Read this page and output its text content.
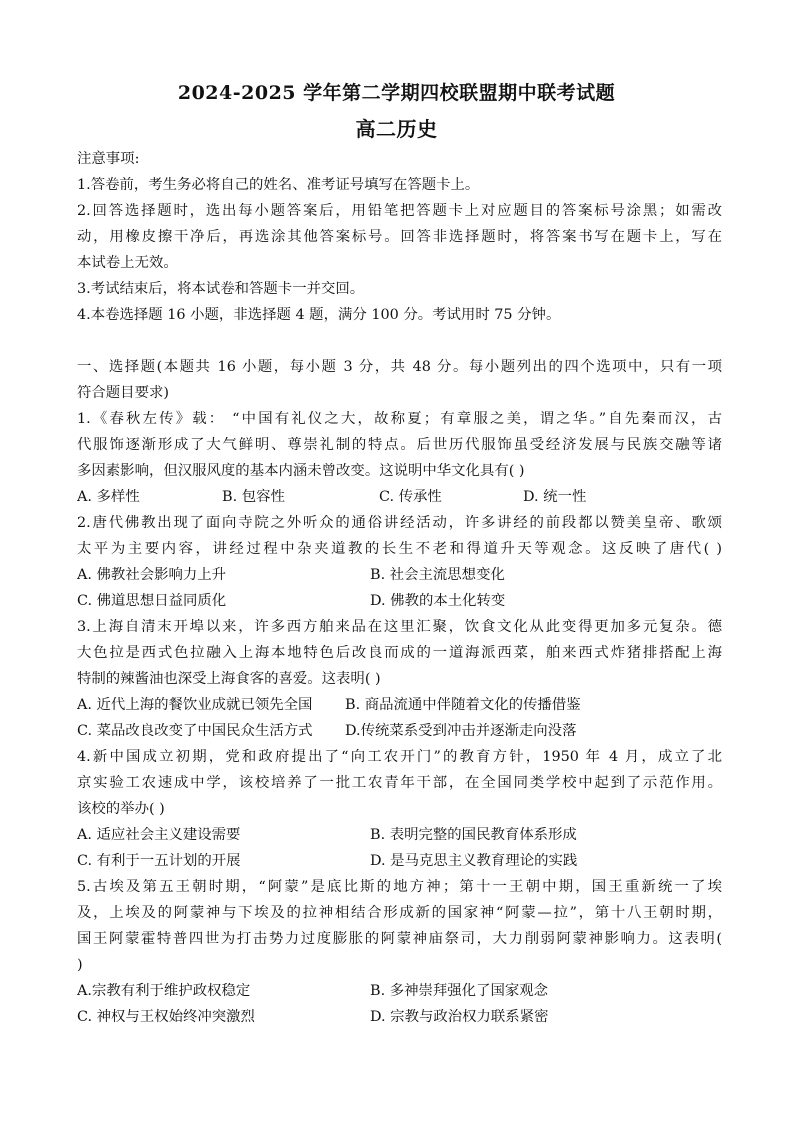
2024-2025 学年第二学期四校联盟期中联考试题
高二历史
注意事项:
1.答卷前，考生务必将自己的姓名、准考证号填写在答题卡上。
2.回答选择题时，选出每小题答案后，用铅笔把答题卡上对应题目的答案标号涂黑；如需改
动，用橡皮擦干净后，再选涂其他答案标号。回答非选择题时，将答案书写在题卡上，写在
本试卷上无效。
3.考试结束后，将本试卷和答题卡一并交回。
4.本卷选择题 16 小题，非选择题 4 题，满分 100 分。考试用时 75 分钟。
一、选择题(本题共 16 小题，每小题 3 分，共 48 分。每小题列出的四个选项中，只有一项
符合题目要求)
1.《春秋左传》载： “中国有礼仪之大，故称夏；有章服之美，谓之华。”自先秦而汉，古
代服饰逐渐形成了大气鲜明、尊崇礼制的特点。后世历代服饰虽受经济发展与民族交融等诸
多因素影响，但汉服风度的基本内涵未曾改变。这说明中华文化具有( )
A. 多样性	B. 包容性	C. 传承性	D. 统一性
2.唐代佛教出现了面向寺院之外听众的通俗讲经活动，许多讲经的前段都以赞美皇帝、歌颂
太平为主要内容，讲经过程中杂夹道教的长生不老和得道升天等观念。这反映了唐代( )
A. 佛教社会影响力上升	B. 社会主流思想变化
C. 佛道思想日益同质化	D. 佛教的本土化转变
3.上海自清末开埠以来，许多西方舶来品在这里汇聚，饮食文化从此变得更加多元复杂。德
大色拉是西式色拉融入上海本地特色后改良而成的一道海派西菜，舶来西式炸猪排搭配上海
特制的辣酱油也深受上海食客的喜爱。这表明( )
A. 近代上海的餐饮业成就已领先全国 B. 商品流通中伴随着文化的传播借鉴
C. 菜品改良改变了中国民众生活方式 D.传统菜系受到冲击并逐渐走向没落
4.新中国成立初期，党和政府提出了“向工农开门”的教育方针，1950 年 4 月，成立了北
京实验工农速成中学，该校培养了一批工农青年干部，在全国同类学校中起到了示范作用。
该校的举办( )
A. 适应社会主义建设需要	B. 表明完整的国民教育体系形成
C. 有利于一五计划的开展	D. 是马克思主义教育理论的实践
5.古埃及第五王朝时期，“阿蒙”是底比斯的地方神；第十一王朝中期，国王重新统一了埃
及，上埃及的阿蒙神与下埃及的拉神相结合形成新的国家神“阿蒙—拉”，第十八王朝时期，
国王阿蒙霍特普四世为打击势力过度膨胀的阿蒙神庙祭司，大力削弱阿蒙神影响力。这表明(
)
A.宗教有利于维护政权稳定	B. 多神崇拜强化了国家观念
C. 神权与王权始终冲突激烈	D. 宗教与政治权力联系紧密
